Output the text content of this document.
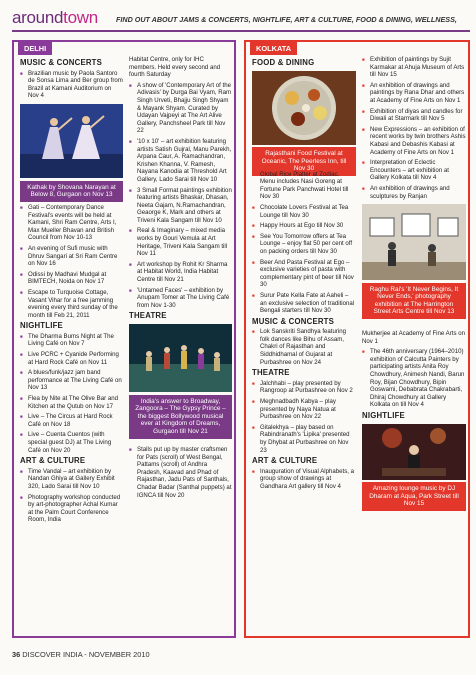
aroundtown	FIND OUT ABOUT JAMS & CONCERTS, NIGHTLIFE, ART & CULTURE, FOOD & DINING, WELLNESS,
DELHI
MUSIC & CONCERTS
■ Brazilian music by Paola Santoro de Sonsa Lima and Ber group from Brazil at Kamani Auditorium on Nov 4
Kathak by Shovana Narayan at Below 8, Gurgaon on Nov 13
■ Gati – Contemporary Dance Festival's events will be held at Kamani, Shri Ram Centre, Arts I, Max Mueller Bhavan and British Council from Nov 10-13
■ An evening of Sufi music with Dhruv Sangari at Sri Ram Centre on Nov 16
■ Odissi by Madhavi Mudgal at BIMTECH, Noida on Nov 17
■ Escape to Turquoise Cottage, Vasant Vihar for a free jamming evening every third sunday of the month till Feb 21, 2011
NIGHTLIFE
■ The Dharma Bums Night at The Living Café on Nov 7
■ Live PCRC + Cyanide Performing at Hard Rock Café on Nov 11
■ A blues/funk/jazz jam band performance at The Living Café on Nov 13
■ Flea by Nite at The Olive Bar and Kitchen at the Qutub on Nov 17
■ Live – The Circus at Hard Rock Café on Nov 18
■ Live – Cuenta Cuentos (with special guest DJ) at The Living Café on Nov 20
ART & CULTURE
■ Time Vandal – art exhibition by Nandan Ghiya at Gallery Exhibit 320, Lado Sarai till Nov 10
■ Photography workshop conducted by art-photographer Achal Kumar at the Palm Court Conference Room, India
Habitat Centre, only for IHC members. Held every second and fourth Saturday
■ A show of 'Contemporary Art of the Adivasis' by Durga Bai Vyam, Ram Singh Urveti, Bhajju Singh Shyam & Mayank Shyam. Curated by Udayan Vajpeyi at The Art Alive Gallery, Panchsheel Park till Nov 22
■ '10 x 10' – art exhibition featuring artists Satish Gujral, Manu Parekh, Arpana Caur, A. Ramachandran, Krishen Khanna, V. Ramesh, Nayana Kanodia at Threshold Art Gallery, Lado Sarai till Nov 10
■ 3 Small Format paintings exhibition featuring artists Bhaskar, Dhasan, Neeta Gajam, N.Ramachandran, Geaorge K, Mark and others at Triveni Kala Sangam till Nov 10
■ Real & Imaginary – mixed media works by Gouri Vemula at Art Heritage, Triveni Kala Sangam till Nov 11
■ Art workshop by Rohit Kr Sharma at Habitat World, India Habitat Centre till Nov 21
■ 'Untamed Faces' – exhibition by Anupam Tomer at The Living Café from Nov 1-30
THEATRE
India's answer to Broadway, Zangoora – The Gypsy Prince – the biggest Bollywood musical ever at Kingdom of Dreams, Gurgaon till Nov 21
■ Stalls put up by master craftsmen for Pats (scroll) of West Bengal, Pattams (scroll) of Andhra Pradesh, Kaavad and Phad of Rajasthan, Jadu Pats of Santhals, Chadar Badar (Santhal puppets) at IGNCA till Nov 20
KOLKATA
FOOD & DINING
Rajasthani Food Festival at Oceanic, The Peerless Inn, till Nov 30
■ Global Rice Platter at Zodiac. Menu includes Nasi Goreng at Fortune Park Panchwati Hotel till Nov 30
■ Chocolate Lovers Festival at Tea Lounge till Nov 30
■ Happy Hours at Ego till Nov 30
■ See You Tomorrow offers at Tea Lounge – enjoy flat 50 per cent off on packing orders till Nov 30
■ Beer And Pasta Festival at Ego – exclusive varieties of pasta with complementary pint of beer till Nov 30
■ Surur Pate Kella Fate at Aaheli – an exclusive selection of traditional Bengali starters till Nov 30
MUSIC & CONCERTS
■ Lok Sanskriti Sandhya featuring folk dances like Bihu of Assam, Chakri of Rajasthan and Siddhidhamal of Gujarat at Purbashree on Nov 24
THEATRE
■ Jalchhabi – play presented by Rangroop at Purbashree on Nov 2
■ Meghnadbadh Kabya – play presented by Naya Natua at Purbashree on Nov 22
■ Gitalekhya – play based on Rabindranath's 'Lipika' presented by Dhybat at Purbashree on Nov 23
ART & CULTURE
■ Inauguration of Visual Alphabets, a group show of drawings at Gandhara Art gallery till Nov 4
■ Exhibition of paintings by Sujit Karmakar at Ahuja Museum of Arts till Nov 15
■ An exhibition of drawings and paintings by Rana Dhar and others at Academy of Fine Arts on Nov 1
■ Exhibition of diyas and candles for Diwali at Starmark till Nov 5
■ New Expressions – an exhibition of recent works by twin brothers Ashis Kabasi and Debashis Kabasi at Academy of Fine Arts on Nov 1
■ Interpretation of Eclectic Encounters – art exhibition at Gallery Kolkata till Nov 4
■ An exhibition of drawings and sculptures by Ranjan
Raghu Rai's 'It Never Begins, It Never Ends,' photography exhibition at The Harrington Street Arts Centre till Nov 13
Mukherjee at Academy of Fine Arts on Nov 1
■ The 46th anniversary (1964–2010) exhibition of Calcutta Painters by participating artists Anita Roy Chowdhury, Animesh Nandi, Barun Roy, Bijan Chowdhury, Bipin Goswami, Debabrata Chakrabarti, Dhiraj Chowdhury at Gallery Kolkata on till Nov 4
NIGHTLIFE
Amazing lounge music by DJ Dharam at Aqua, Park Street till Nov 15
36 DISCOVER INDIA - NOVEMBER 2010
